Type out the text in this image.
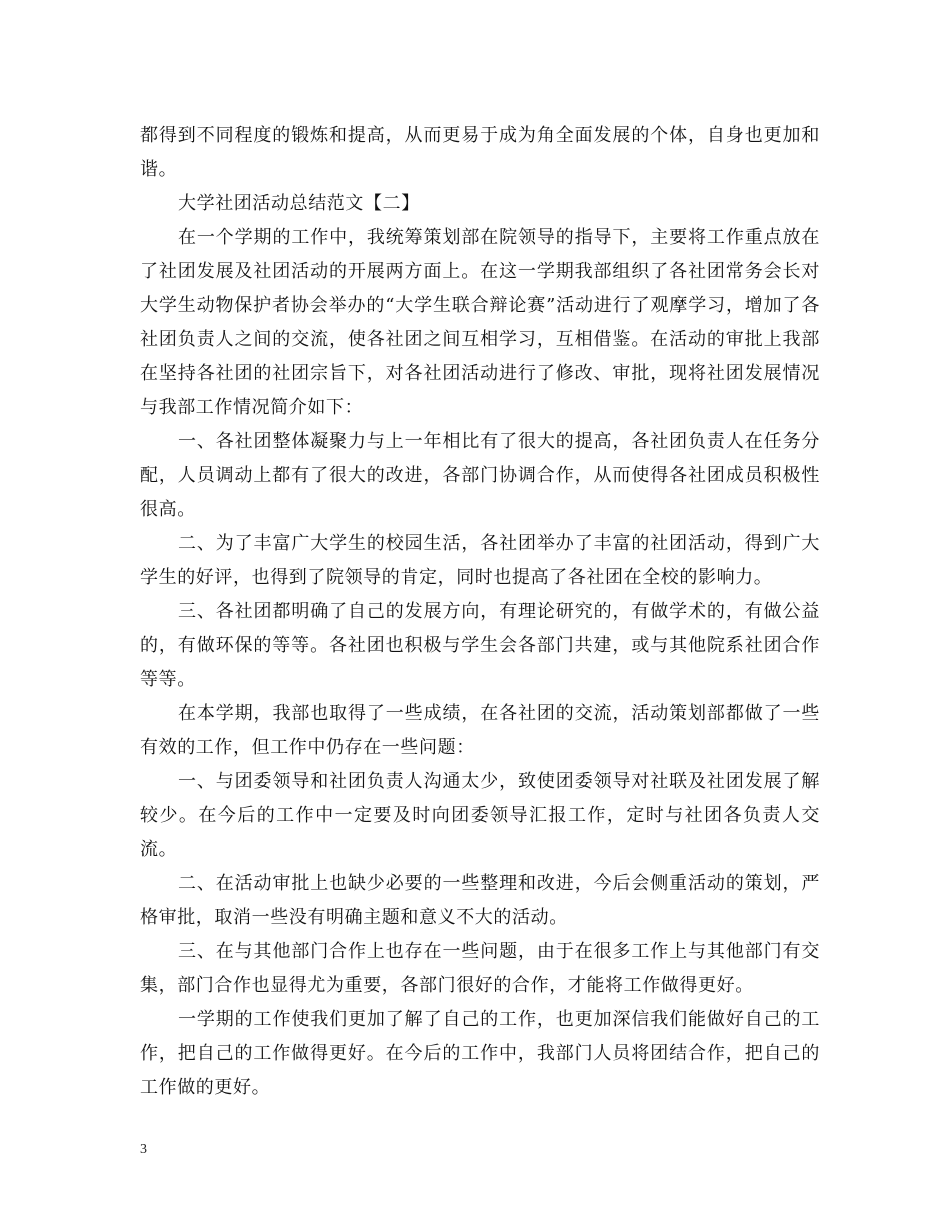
都得到不同程度的锻炼和提高，从而更易于成为角全面发展的个体，自身也更加和谐。

大学社团活动总结范文【二】

在一个学期的工作中，我统筹策划部在院领导的指导下，主要将工作重点放在了社团发展及社团活动的开展两方面上。在这一学期我部组织了各社团常务会长对大学生动物保护者协会举办的“大学生联合辩论赛”活动进行了观摩学习，增加了各社团负责人之间的交流，使各社团之间互相学习，互相借鉴。在活动的审批上我部在坚持各社团的社团宗旨下，对各社团活动进行了修改、审批，现将社团发展情况与我部工作情况简介如下：

一、各社团整体凝聚力与上一年相比有了很大的提高，各社团负责人在任务分配，人员调动上都有了很大的改进，各部门协调合作，从而使得各社团成员积极性很高。

二、为了丰富广大学生的校园生活，各社团举办了丰富的社团活动，得到广大学生的好评，也得到了院领导的肯定，同时也提高了各社团在全校的影响力。

三、各社团都明确了自己的发展方向，有理论研究的，有做学术的，有做公益的，有做环保的等等。各社团也积极与学生会各部门共建，或与其他院系社团合作等等。

在本学期，我部也取得了一些成绩，在各社团的交流，活动策划部都做了一些有效的工作，但工作中仍存在一些问题：

一、与团委领导和社团负责人沟通太少，致使团委领导对社联及社团发展了解较少。在今后的工作中一定要及时向团委领导汇报工作，定时与社团各负责人交流。

二、在活动审批上也缺少必要的一些整理和改进，今后会侧重活动的策划，严格审批，取消一些没有明确主题和意义不大的活动。

三、在与其他部门合作上也存在一些问题，由于在很多工作上与其他部门有交集，部门合作也显得尤为重要，各部门很好的合作，才能将工作做得更好。

一学期的工作使我们更加了解了自己的工作，也更加深信我们能做好自己的工作，把自己的工作做得更好。在今后的工作中，我部门人员将团结合作，把自己的工作做的更好。

3
